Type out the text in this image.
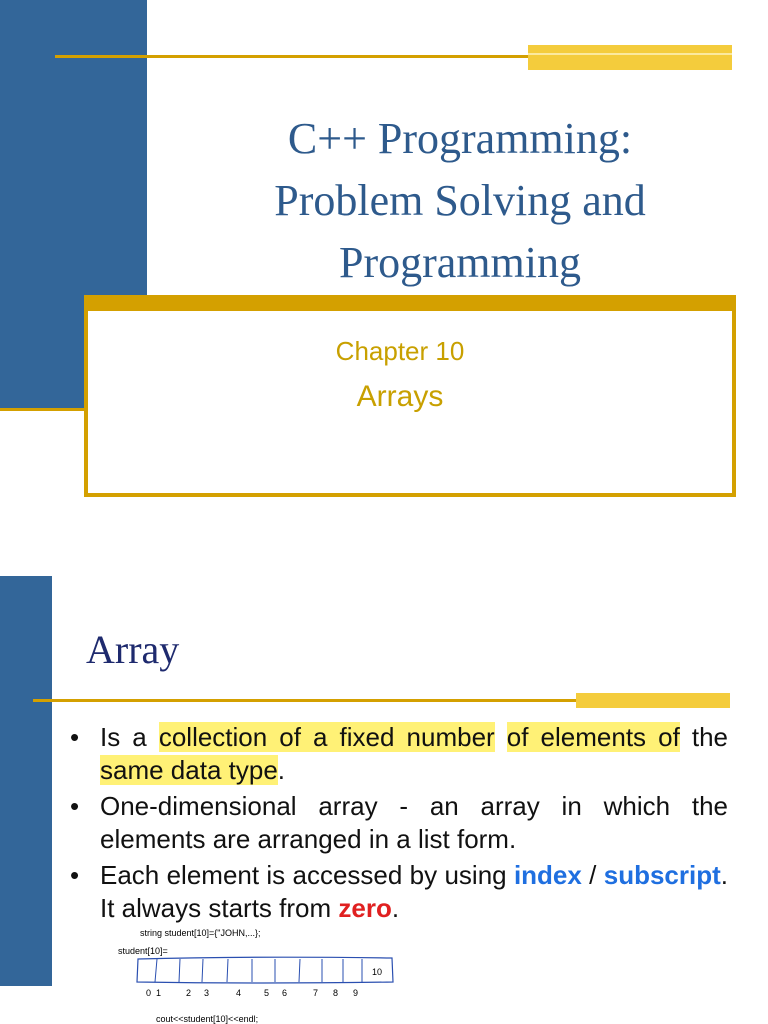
C++ Programming:
Problem Solving and
Programming
Chapter 10
Arrays
Array
• Is a collection of a fixed number of elements of the same data type.
• One-dimensional array - an array in which the elements are arranged in a list form.
• Each element is accessed by using index / subscript. It always starts from zero.
string student[10]={"JOHN,...};
student[10]=
10
0 1	2 3	4	5 6	7 8 9
cout<<student[10]<<endl;
